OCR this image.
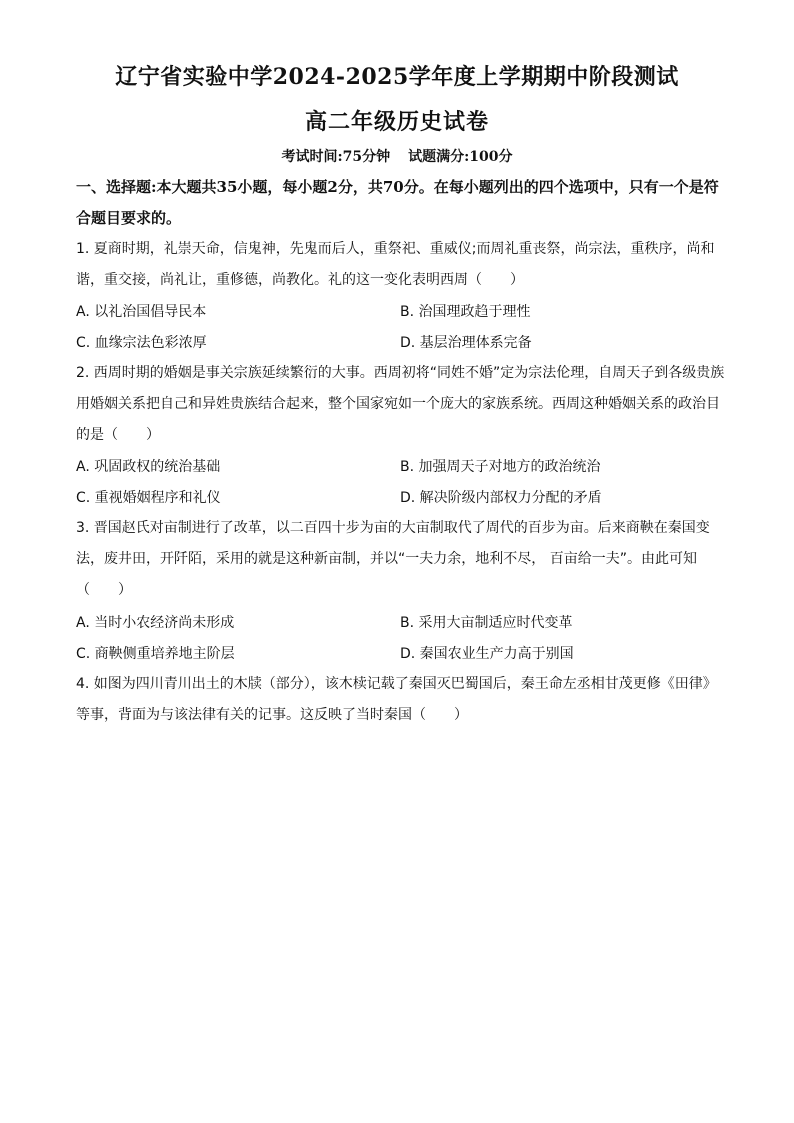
辽宁省实验中学2024-2025学年度上学期期中阶段测试
高二年级历史试卷
考试时间:75分钟 试题满分:100分
一、选择题:本大题共35小题，每小题2分，共70分。在每小题列出的四个选项中，只有一个是符合题目要求的。
1. 夏商时期，礼崇天命，信鬼神，先鬼而后人，重祭祀、重威仪;而周礼重丧祭，尚宗法，重秩序，尚和谐，重交接，尚礼让，重修德，尚教化。礼的这一变化表明西周（　　）
A. 以礼治国倡导民本	B. 治国理政趋于理性
C. 血缘宗法色彩浓厚	D. 基层治理体系完备
2. 西周时期的婚姻是事关宗族延续繁衍的大事。西周初将“同姓不婚”定为宗法伦理，自周天子到各级贵族用婚姻关系把自己和异姓贵族结合起来，整个国家宛如一个庞大的家族系统。西周这种婚姻关系的政治目的是（　　）
A. 巩固政权的统治基础	B. 加强周天子对地方的政治统治
C. 重视婚姻程序和礼仪	D. 解决阶级内部权力分配的矛盾
3. 晋国赵氏对亩制进行了改革，以二百四十步为亩的大亩制取代了周代的百步为亩。后来商鞅在秦国变法，废井田，开阡陌，采用的就是这种新亩制，并以“一夫力余，地利不尽， 百亩给一夫”。由此可知（　　）
A. 当时小农经济尚未形成	B. 采用大亩制适应时代变革
C. 商鞅侧重培养地主阶层	D. 秦国农业生产力高于别国
4. 如图为四川青川出土的木牍（部分），该木椟记载了秦国灭巴蜀国后，秦王命左丞相甘茂更修《田律》等事，背面为与该法律有关的记事。这反映了当时秦国（　　）
